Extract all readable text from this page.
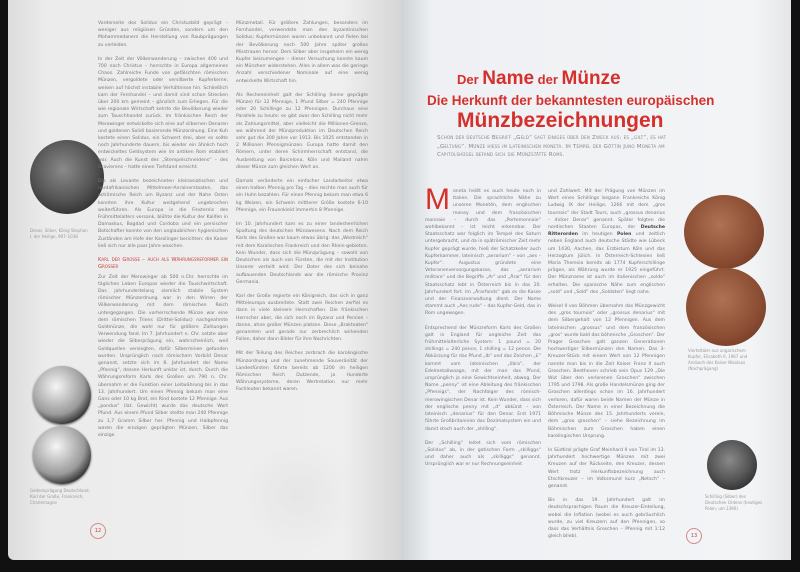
Denar, Silber, König Stephan I. der Heilige, 997–1038
Gedenkprägung Deutschland, Karl der Große, Frankreich, Charlemagne

Vorderseite des Solidus ein Christusbild geprägt – weniger aus religiösen Gründen, sondern um den Mohammedanern die Herstellung von Raubprägungen zu verleiden.

In der Zeit der Völkerwanderung – zwischen 400 und 700 nach Christus – herrschte in Europa allgemeines Chaos. Zahlreiche Funde von gefälschten römischen Münzen, vergoldete oder versilberte Kupferkerne, weisen auf höchst instabile Verhältnisse hin. Schließlich kam der Fernhandel – und damit sind schon Strecken über 200 km gemeint – gänzlich zum Erliegen. Für die wie regionale Wirtschaft kehrte die Bevölkerung wieder zum Tauschhandel zurück. Im fränkischen Reich der Merowinger entwickelte sich eine auf silbernen Denaren und goldenen Solidi basierende Münzordnung. Eine Kuh kostete einen Solidus, ein Schwert drei, aber es sollte noch Jahrhunderte dauern, bis wieder ein ähnlich hoch entwickeltes Geldsystem wie im antiken Rom etabliert war. Auch die Kunst des „Stempelschneidens“ – des Gravierens – hatte einen Tiefstand erreicht.

Die als Levante bezeichneten kleinasiatischen und nordafrikanischen Mittelmeer-Anrainerstaaten, das oströmische Reich um Byzanz und der Nahe Osten konnten ihre Kultur weitgehend ungebrochen weiterführen. Als Europa in die Finsternis des Frühmittelalters versank, blühte die Kultur der Kalifen in Damaskus, Bagdad und Cordoba und ein persischer Botschafter konnte von den unglaublichen hygienischen Zuständen am Hofe der Karolinger berichten: die Kaiser ließ sich nur alle paar Jahre waschen.

Karl der Grosse – auch als Währungsreformer ein Grosser

Zur Zeit der Merowinger ab 500 n.Chr. herrschte im täglichen Leben Europas wieder die Tauschwirtschaft. Das jahrhundertelang ziemlich stabile System römischer Münzordnung war in den Wirren der Völkerwanderung mit dem römischen Reich untergegangen. Die vorherrschende Münze war eine dem römischen Triens (Drittel-Solidus) nachgeahmte Goldmünze, die wohl nur für größere Zahlungen Verwendung fand. Im 7. Jahrhundert n. Chr. setzte aber wieder die Silberprägung ein, wahrscheinlich, weil Goldquellen versiegten, dafür Silberminen gefunden wurden. Ursprünglich nach römischem Vorbild Denar genannt, setzte sich im 8. Jahrhundert der Name „Pfennig“, dessen Herkunft unklar ist, durch. Durch die Währungsreform Karls des Großen um 790 n. Chr. übernahm er die Funktion einer Leitwährung bis in das 13. Jahrhundert. Um einen Pfennig bekam man eine Gans oder 10 kg Brot, ein Rind kostete 12 Pfennige. Aus „pondus“ (lat. Gewicht) wurde das deutsche Wort Pfund. Aus einem Pfund Silber stellte man 240 Pfennige zu 1,7 Gramm Silber her. Pfennig und Halbpfennig waren die einzigen geprägten Münzen, Silber das einzige

Münzmetall. Für größere Zahlungen, besonders im Fernhandel, verwendete man den byzantinischen Solidus; Kupfermünzen waren unbekannt und fielen bei der Bevölkerung noch 500 Jahre später großes Misstrauen hervor. Dem Silber aber insgeheim ein wenig Kupfer beizumengen – dieser Versuchung konnte kaum ein Münzherr widerstehen. Alles in allem was die geringe Anzahl verschiedener Nominale auf eine wenig entwickelte Wirtschaft hin.

Als Recheneinheit galt der Schilling (keine geprägte Münze) für 12 Pfennige, 1 Pfund Silber = 240 Pfennige oder 20 Schillinge zu 12 Pfennigen. Durchaus eine Parallele zu heute: es gibt zwar den Schilling nicht mehr als Zahlungsmittel, aber vielleicht die Millionen-Grenze, wo während der Münzproduktion im Deutschen Reich sehr gut die 300 Jahre vor 1913. Bis 1025 entstanden in 2 Millionen Pfennigmünzen. Europa hatte damit den Römern, unter deren Schirmherrschaft entstand, die Ausbreitung von Barcelona, Köln und Mailand nahm dieser Münze zum gleichen Wert an.

Damals veränderte ein einfacher Landarbeiter etwa einen halben Pfennig pro Tag – dies reichte man auch für ein Huhn bezahlen. Für einen Pfennig bekam man etwa 6 kg Weizen, ein Schwein mittlerer Größe kostete 6-10 Pfennige, ein Frauenkleid immerhin 8 Pfennige.

Im 10. Jahrhundert kam es zu einer landesherrlichen Spaltung des deutschen Münzwesens. Nach dem Reich Karls des Großen war kaum etwas übrig: das „Westreich“ mit dem Karolischen Frankreich und den Rhein-gebieten. Kein Wunder, dass sich die Münzprägung – sowohl von Deutschen als auch von Fürsten, die mit der Institution Unserer verteilt wird. Der Doter des sich beinahe aufbauenden Deutschlands war die römische Provinz Germania.

Karl der Große regierte ein Königreich, das sich in ganz Mitteleuropa ausbreitete. Statt zwei Reichen zerfiel es dann in viele kleinere Herrschaften. Die fränkischen Herrscher aber, die sich noch im Byzanz und Persien – danne, ahne großer Münzen platzen. Diese „Brakteaten“ genannten und gerade nur zerbrechlich wirkenden Folien, daher dann Bilder für ihre Nachrichten.

Mit der Teilung des Reiches zerbrach die karolingische Münzordnung und der zunehmende Souveränität der Landesfürsten führte bereits ab 1200 im heiligen Römischen Reich Dutzende, ja Hunderte Währungssysteme, deren Wertrelation nur mehr Fachleuten bekannt waren.

12
Der Name der Münze
Die Herkunft der bekanntesten europäischen
Münzbezeichnungen
Schon der deutsche Begriff „Geld“ sagt einiges über den Zweck aus: es „gilt“, es hat „Geltung“. Münze hiess im Lateinischen moneta. Im Tempel der Göttin Juno Moneta am Capitolshügel befand sich die Münzstätte Roms.

Moneta heißt es auch heute noch in Italien. Die sprachliche Nähe zu unseren Monetën, dem englischen money und dem französischen monnaie – durch das „Portemonnaie“ wohlbekannt – ist leicht erkennbar. Der Staatsschatz war folglich im Tempel des Saturn untergebracht, und da in spätrömischer Zeit mehr Kupfer geprägt wurde, hieß der Schatzkeller auch Kupferkammer, lateinisch „aerarium“ – von „aes – Kupfer“. Augustus gründete eine Veteranenversorgungskasse, das „aerarium militare“ und die Begriffe „Ar“ und „Ärar“ für den Staatsschatz lebt in Österreich bis in das 20. Jahrhundert fort. Im „Ärarfonds“ gab es die Kasse und der Finanzverwaltung dient. Der Name stammt auch „Aes rude“ – das Kupfer-Geld, das in Rom ungewogen.

Entsprechend der Münzreform Karls des Großen galt in England für ungleiche Zeit das frühmittelalterliche System: 1 pound = 20 shillings = 240 pence, 1 shilling = 12 pence. Die Abkürzung für das Pfund „lb“ und das Zeichen „£“ kommt vom lateinischen „libra“, der Edelmetallwaage, mit der man das Pfund, ursprünglich ja eine Gewichtseinheit, abwog. Der Name „penny“ ist eine Ableitung des fränkischen „Pfennigs“, der Nachfolger des römisch-merowingischen Denar ist. Kein Wunder, dass sich der englische penny mit „d“ abkürzt – von lateinisch „denarius“ für den Denar. Erst 1971 führte Großbritannien das Dezimalsystem ein und damit stoch auch der „shilling“.

Der „Schilling“ leitet sich vom römischen „Solidus“ ab, in der gotischen Form „skilliggs“ und daher auch als „skilliggs“ genannt. Ursprünglich war er nur Rechnungseinheit

und Zahlwert. Mit der Prägung von Münzen im Wert eines Schillings begann Frankreichs König Ludwig IX der Heilige, 1266 mit dem „gros tournois“ der Stadt Tours, auch „grossus denarius – dicker Denar“ genannt. Später folgten die nordischen Staaten Europas, der Deutsche Ritterorden im heutigen Polen und zeitlich neben England auch deutsche Städte wie Lübeck um 1430, Aachen, das Erzbistum Köln und das Herzogtum Jülich. In Österreich-Schlesien ließ Maria Theresia bereits ab 1774 Kupferschillinge prägen, als Währung wurde er 1925 eingeführt. Der Münzname ist auch im italienischen „soldo“ erhalten. Die spanische Nähe zum englischen „sold“ und „Sold“ des „Soldaten“ liegt nahe.

Weisel II von Böhmen übernahm das Münzgewicht des „gros tournois“ oder „grossus denarius“ mit dem Silbergehalt von 12 Pfennigen. Aus dem lateinischen „grossus“ und dem französischen „gros“ wurde bald das böhmische „Groschen“. Der Prager Groschen galt ganzen Generationen hochwertiger Silbermünzen den Namen. Das 3-Kreuzer-Stück mit einem Wert von 12 Pfennigen nannte man bis in die Zeit Kaiser Franz II auch Groschen. Beethoven schrieb sein Opus 129 „Die Wut über den verlorenen Groschen“ zwischen 1795 und 1798. Als große Handelsmünze ging der Groschen allerdings schon im 16. Jahrhundert verloren, dafür waren beide Namen der Münze in Österreich. Der Name in einer Bezeichnung die Böhmische Münze des 15. Jahrhunderts verein, dem „groo groschen“ – siehe Bezeichnung im Böhmischen zum Groschen haben einen karolingischen Ursprung.

In Südtirol prägte Graf Meinhard II von Tirol im 13. Jahrhundert hochwertige Münzen mit zwei Kreuzen auf der Rückseite, den Kreuzer, dessen Wert trotz Herkunftsbezeichnung auch Etschkreuzer – im Volksmund kurz „Netsch“ – genannt.

Bis in das 19. Jahrhundert galt im deutschsprachigen Raum die Kreuzer-Einteilung, wobei die Inflation (wobei es auch gebräuchlich wurde, zu viel Kreuzern auf den Pfennigen, so dass das Verhältnis Groschen – Pfennig mit 1:12 gleich blieb).

Vierteltaler aus ungarischem Kupfer, Elisabeth II, 1967 und Ansbach des Kaiser Nikolaus (Nachprägung)
Schilling (Silber) des Deutschen Ordens (heutiges Polen, um 1390)
13
